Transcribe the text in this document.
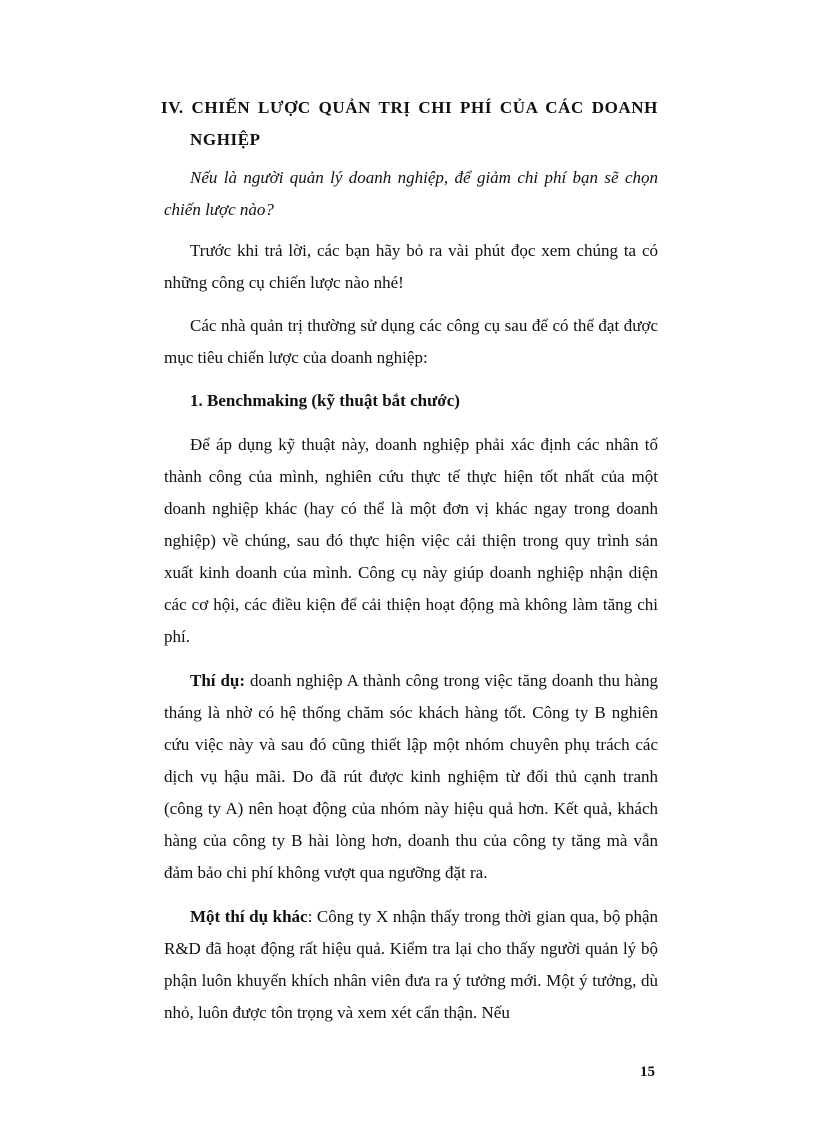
IV. CHIẾN LƯỢC QUẢN TRỊ CHI PHÍ CỦA CÁC DOANH
NGHIỆP

Nếu là người quản lý doanh nghiệp, để giảm chi phí bạn sẽ chọn chiến lược nào?

Trước khi trả lời, các bạn hãy bỏ ra vài phút đọc xem chúng ta có những công cụ chiến lược nào nhé!

Các nhà quản trị thường sử dụng các công cụ sau để có thể đạt được mục tiêu chiến lược của doanh nghiệp:

1. Benchmaking (kỹ thuật bắt chước)

Để áp dụng kỹ thuật này, doanh nghiệp phải xác định các nhân tố thành công của mình, nghiên cứu thực tế thực hiện tốt nhất của một doanh nghiệp khác (hay có thể là một đơn vị khác ngay trong doanh nghiệp) về chúng, sau đó thực hiện việc cải thiện trong quy trình sản xuất kinh doanh của mình. Công cụ này giúp doanh nghiệp nhận diện các cơ hội, các điều kiện để cải thiện hoạt động mà không làm tăng chi phí.

Thí dụ: doanh nghiệp A thành công trong việc tăng doanh thu hàng tháng là nhờ có hệ thống chăm sóc khách hàng tốt. Công ty B nghiên cứu việc này và sau đó cũng thiết lập một nhóm chuyên phụ trách các dịch vụ hậu mãi. Do đã rút được kinh nghiệm từ đối thủ cạnh tranh (công ty A) nên hoạt động của nhóm này hiệu quả hơn. Kết quả, khách hàng của công ty B hài lòng hơn, doanh thu của công ty tăng mà vẫn đảm bảo chi phí không vượt qua ngưỡng đặt ra.

Một thí dụ khác: Công ty X nhận thấy trong thời gian qua, bộ phận R&D đã hoạt động rất hiệu quả. Kiểm tra lại cho thấy người quản lý bộ phận luôn khuyến khích nhân viên đưa ra ý tưởng mới. Một ý tưởng, dù nhỏ, luôn được tôn trọng và xem xét cẩn thận. Nếu

15
